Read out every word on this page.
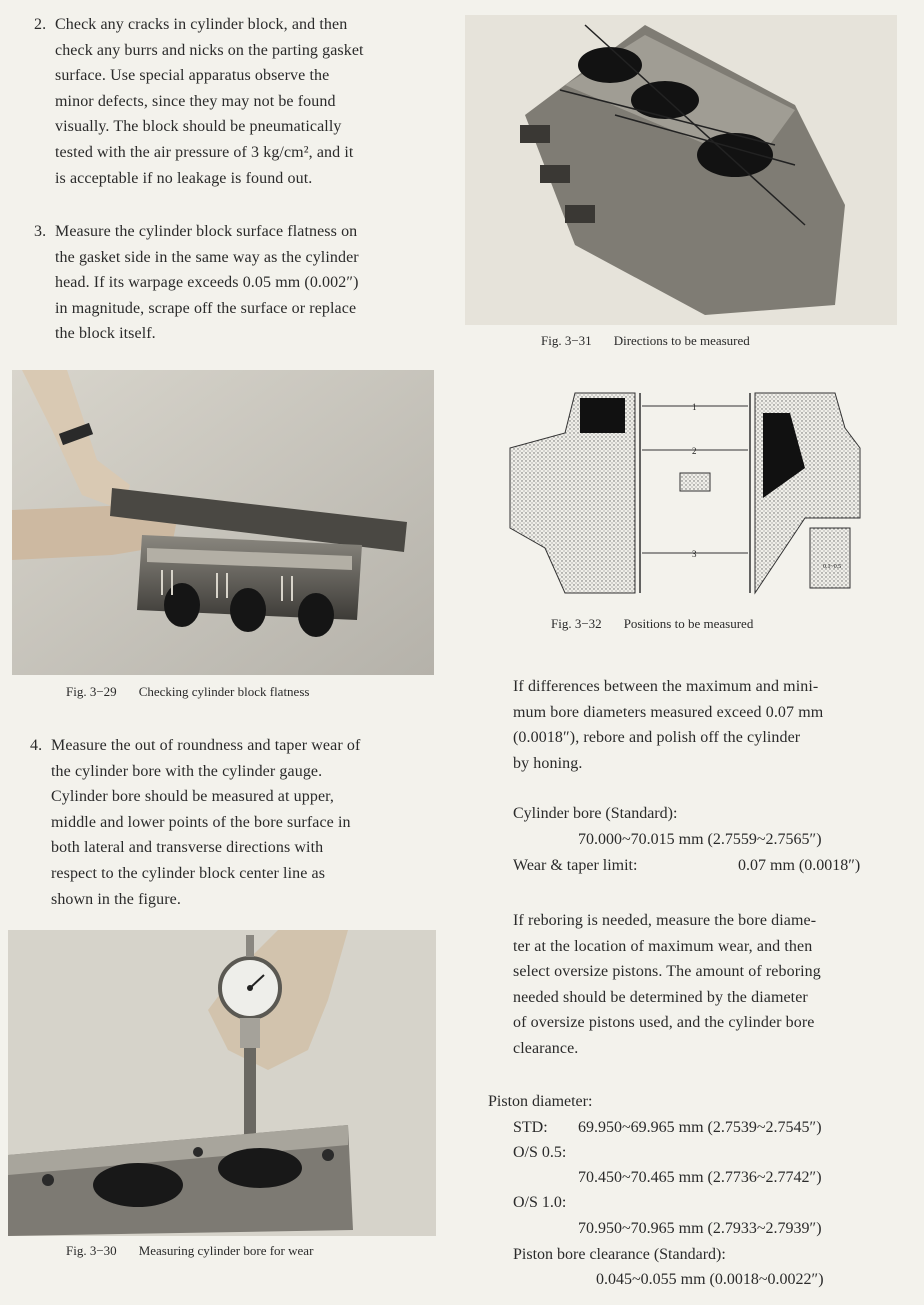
2. Check any cracks in cylinder block, and then
check any burrs and nicks on the parting gasket
surface. Use special apparatus observe the
minor defects, since they may not be found
visually. The block should be pneumatically
tested with the air pressure of 3 kg/cm², and it
is acceptable if no leakage is found out.
3. Measure the cylinder block surface flatness on
the gasket side in the same way as the cylinder
head. If its warpage exceeds 0.05 mm (0.002″)
in magnitude, scrape off the surface or replace
the block itself.
Fig. 3−29 Checking cylinder block flatness
4. Measure the out of roundness and taper wear of
the cylinder bore with the cylinder gauge.
Cylinder bore should be measured at upper,
middle and lower points of the bore surface in
both lateral and transverse directions with
respect to the cylinder block center line as
shown in the figure.
Fig. 3−30 Measuring cylinder bore for wear
Fig. 3−31 Directions to be measured
1
2
3
0.1~0.5
Fig. 3−32 Positions to be measured
If differences between the maximum and mini-
mum bore diameters measured exceed 0.07 mm
(0.0018″), rebore and polish off the cylinder
by honing.
Cylinder bore (Standard):
70.000~70.015 mm (2.7559~2.7565″)
Wear & taper limit:	0.07 mm (0.0018″)
If reboring is needed, measure the bore diame-
ter at the location of maximum wear, and then
select oversize pistons. The amount of reboring
needed should be determined by the diameter
of oversize pistons used, and the cylinder bore
clearance.
Piston diameter:
STD: 69.950~69.965 mm (2.7539~2.7545″)
O/S 0.5:
70.450~70.465 mm (2.7736~2.7742″)
O/S 1.0:
70.950~70.965 mm (2.7933~2.7939″)
Piston bore clearance (Standard):
0.045~0.055 mm (0.0018~0.0022″)
